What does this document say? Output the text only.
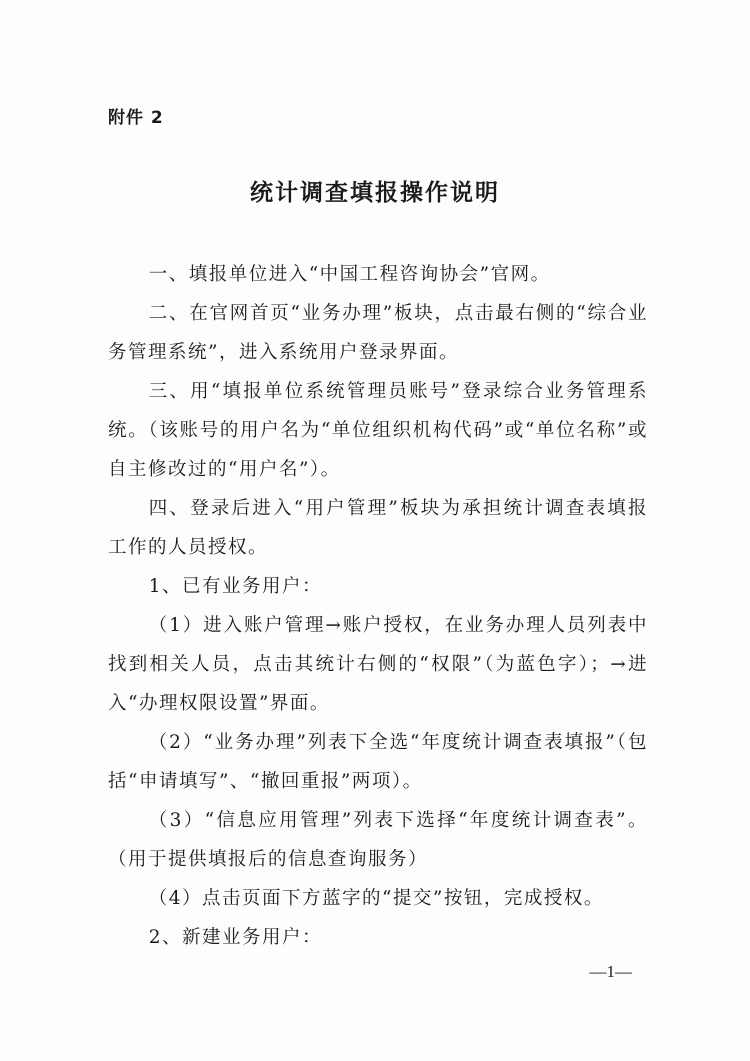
附件 2
统计调查填报操作说明

一、填报单位进入“中国工程咨询协会”官网。

二、在官网首页“业务办理”板块，点击最右侧的“综合业务管理系统”，进入系统用户登录界面。

三、用“填报单位系统管理员账号”登录综合业务管理系统。（该账号的用户名为“单位组织机构代码”或“单位名称”或自主修改过的“用户名”）。

四、登录后进入“用户管理”板块为承担统计调查表填报工作的人员授权。

1、已有业务用户：

（1）进入账户管理→账户授权，在业务办理人员列表中找到相关人员，点击其统计右侧的“权限”（为蓝色字）；→进入“办理权限设置”界面。

（2）“业务办理”列表下全选“年度统计调查表填报”（包括“申请填写”、“撤回重报”两项）。

（3）“信息应用管理”列表下选择“年度统计调查表”。（用于提供填报后的信息查询服务）

（4）点击页面下方蓝字的“提交”按钮，完成授权。

2、新建业务用户：

—1—
